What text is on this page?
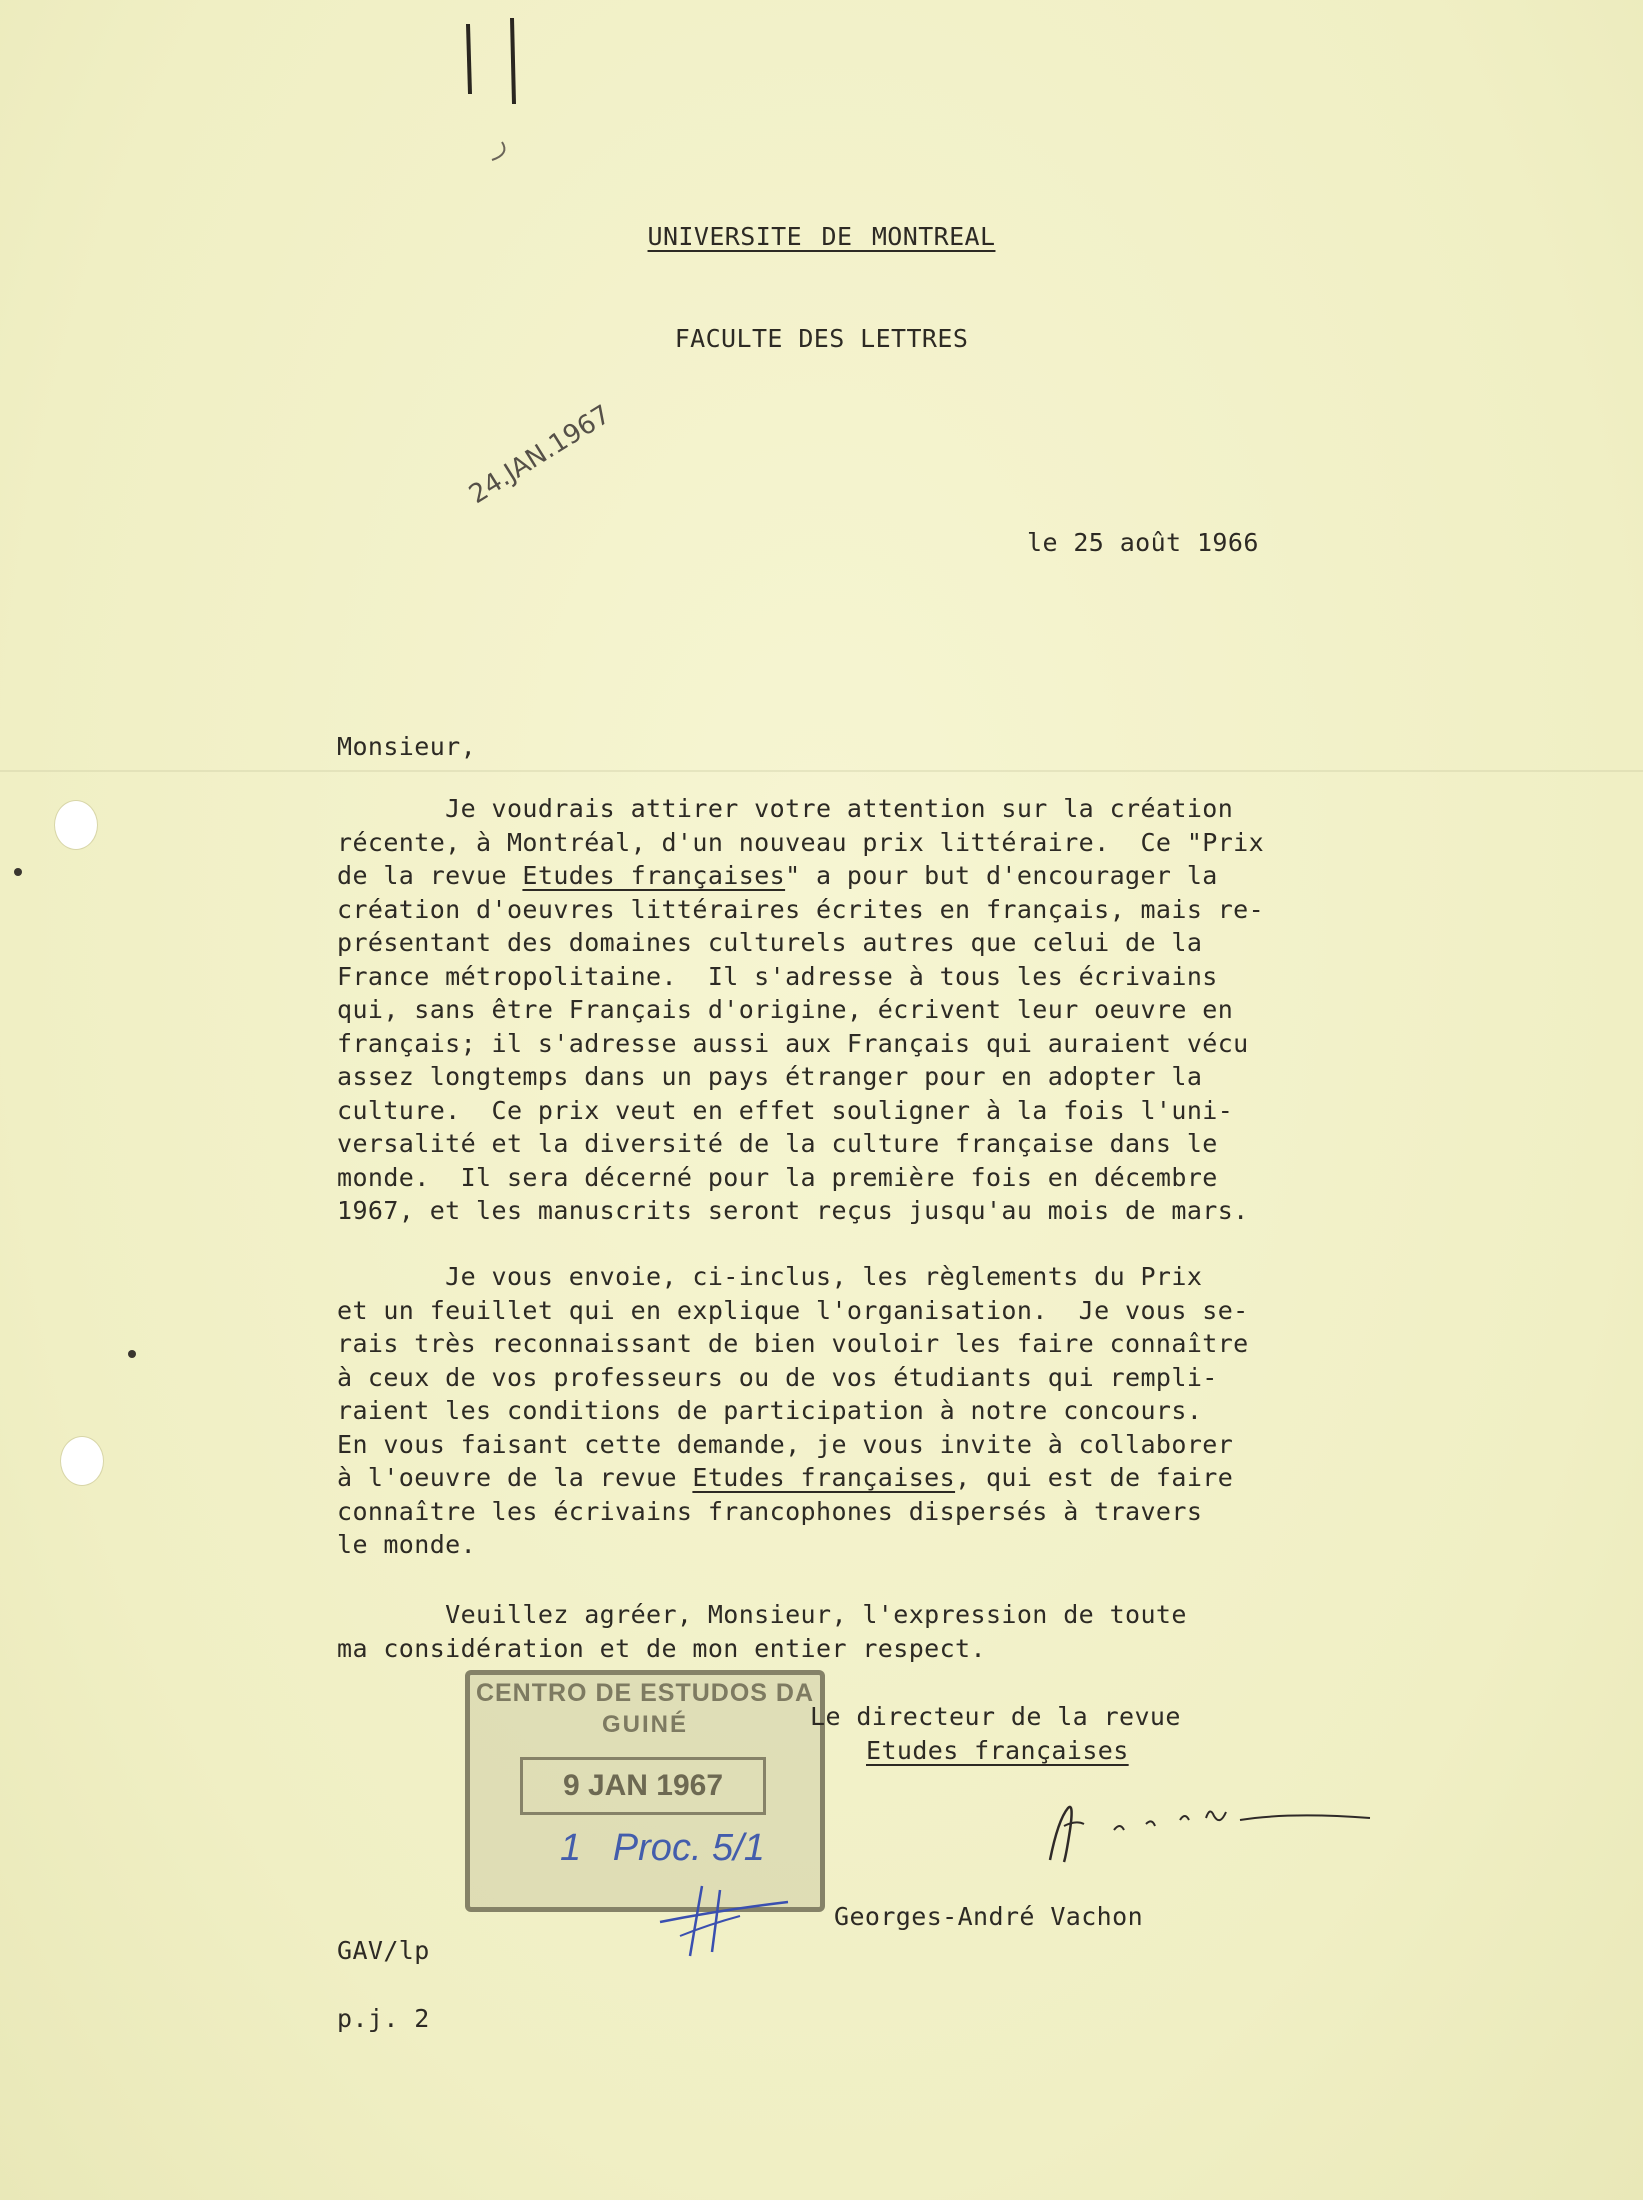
UNIVERSITE DE MONTREAL
FACULTE DES LETTRES
24.JAN.1967
le 25 août 1966
Monsieur,
Je voudrais attirer votre attention sur la création
récente, à Montréal, d'un nouveau prix littéraire.  Ce "Prix
de la revue Etudes françaises" a pour but d'encourager la
création d'oeuvres littéraires écrites en français, mais re-
présentant des domaines culturels autres que celui de la
France métropolitaine.  Il s'adresse à tous les écrivains
qui, sans être Français d'origine, écrivent leur oeuvre en
français; il s'adresse aussi aux Français qui auraient vécu
assez longtemps dans un pays étranger pour en adopter la
culture.  Ce prix veut en effet souligner à la fois l'uni-
versalité et la diversité de la culture française dans le
monde.  Il sera décerné pour la première fois en décembre
1967, et les manuscrits seront reçus jusqu'au mois de mars.
Je vous envoie, ci-inclus, les règlements du Prix
et un feuillet qui en explique l'organisation.  Je vous se-
rais très reconnaissant de bien vouloir les faire connaître
à ceux de vos professeurs ou de vos étudiants qui rempli-
raient les conditions de participation à notre concours.
En vous faisant cette demande, je vous invite à collaborer
à l'oeuvre de la revue Etudes françaises, qui est de faire
connaître les écrivains francophones dispersés à travers
le monde.
Veuillez agréer, Monsieur, l'expression de toute
ma considération et de mon entier respect.
CENTRO DE ESTUDOS DA
GUINÉ
9 JAN 1967
1   Proc. 5/1
Le directeur de la revue
Etudes françaises
Georges-André Vachon
GAV/lp
p.j. 2
